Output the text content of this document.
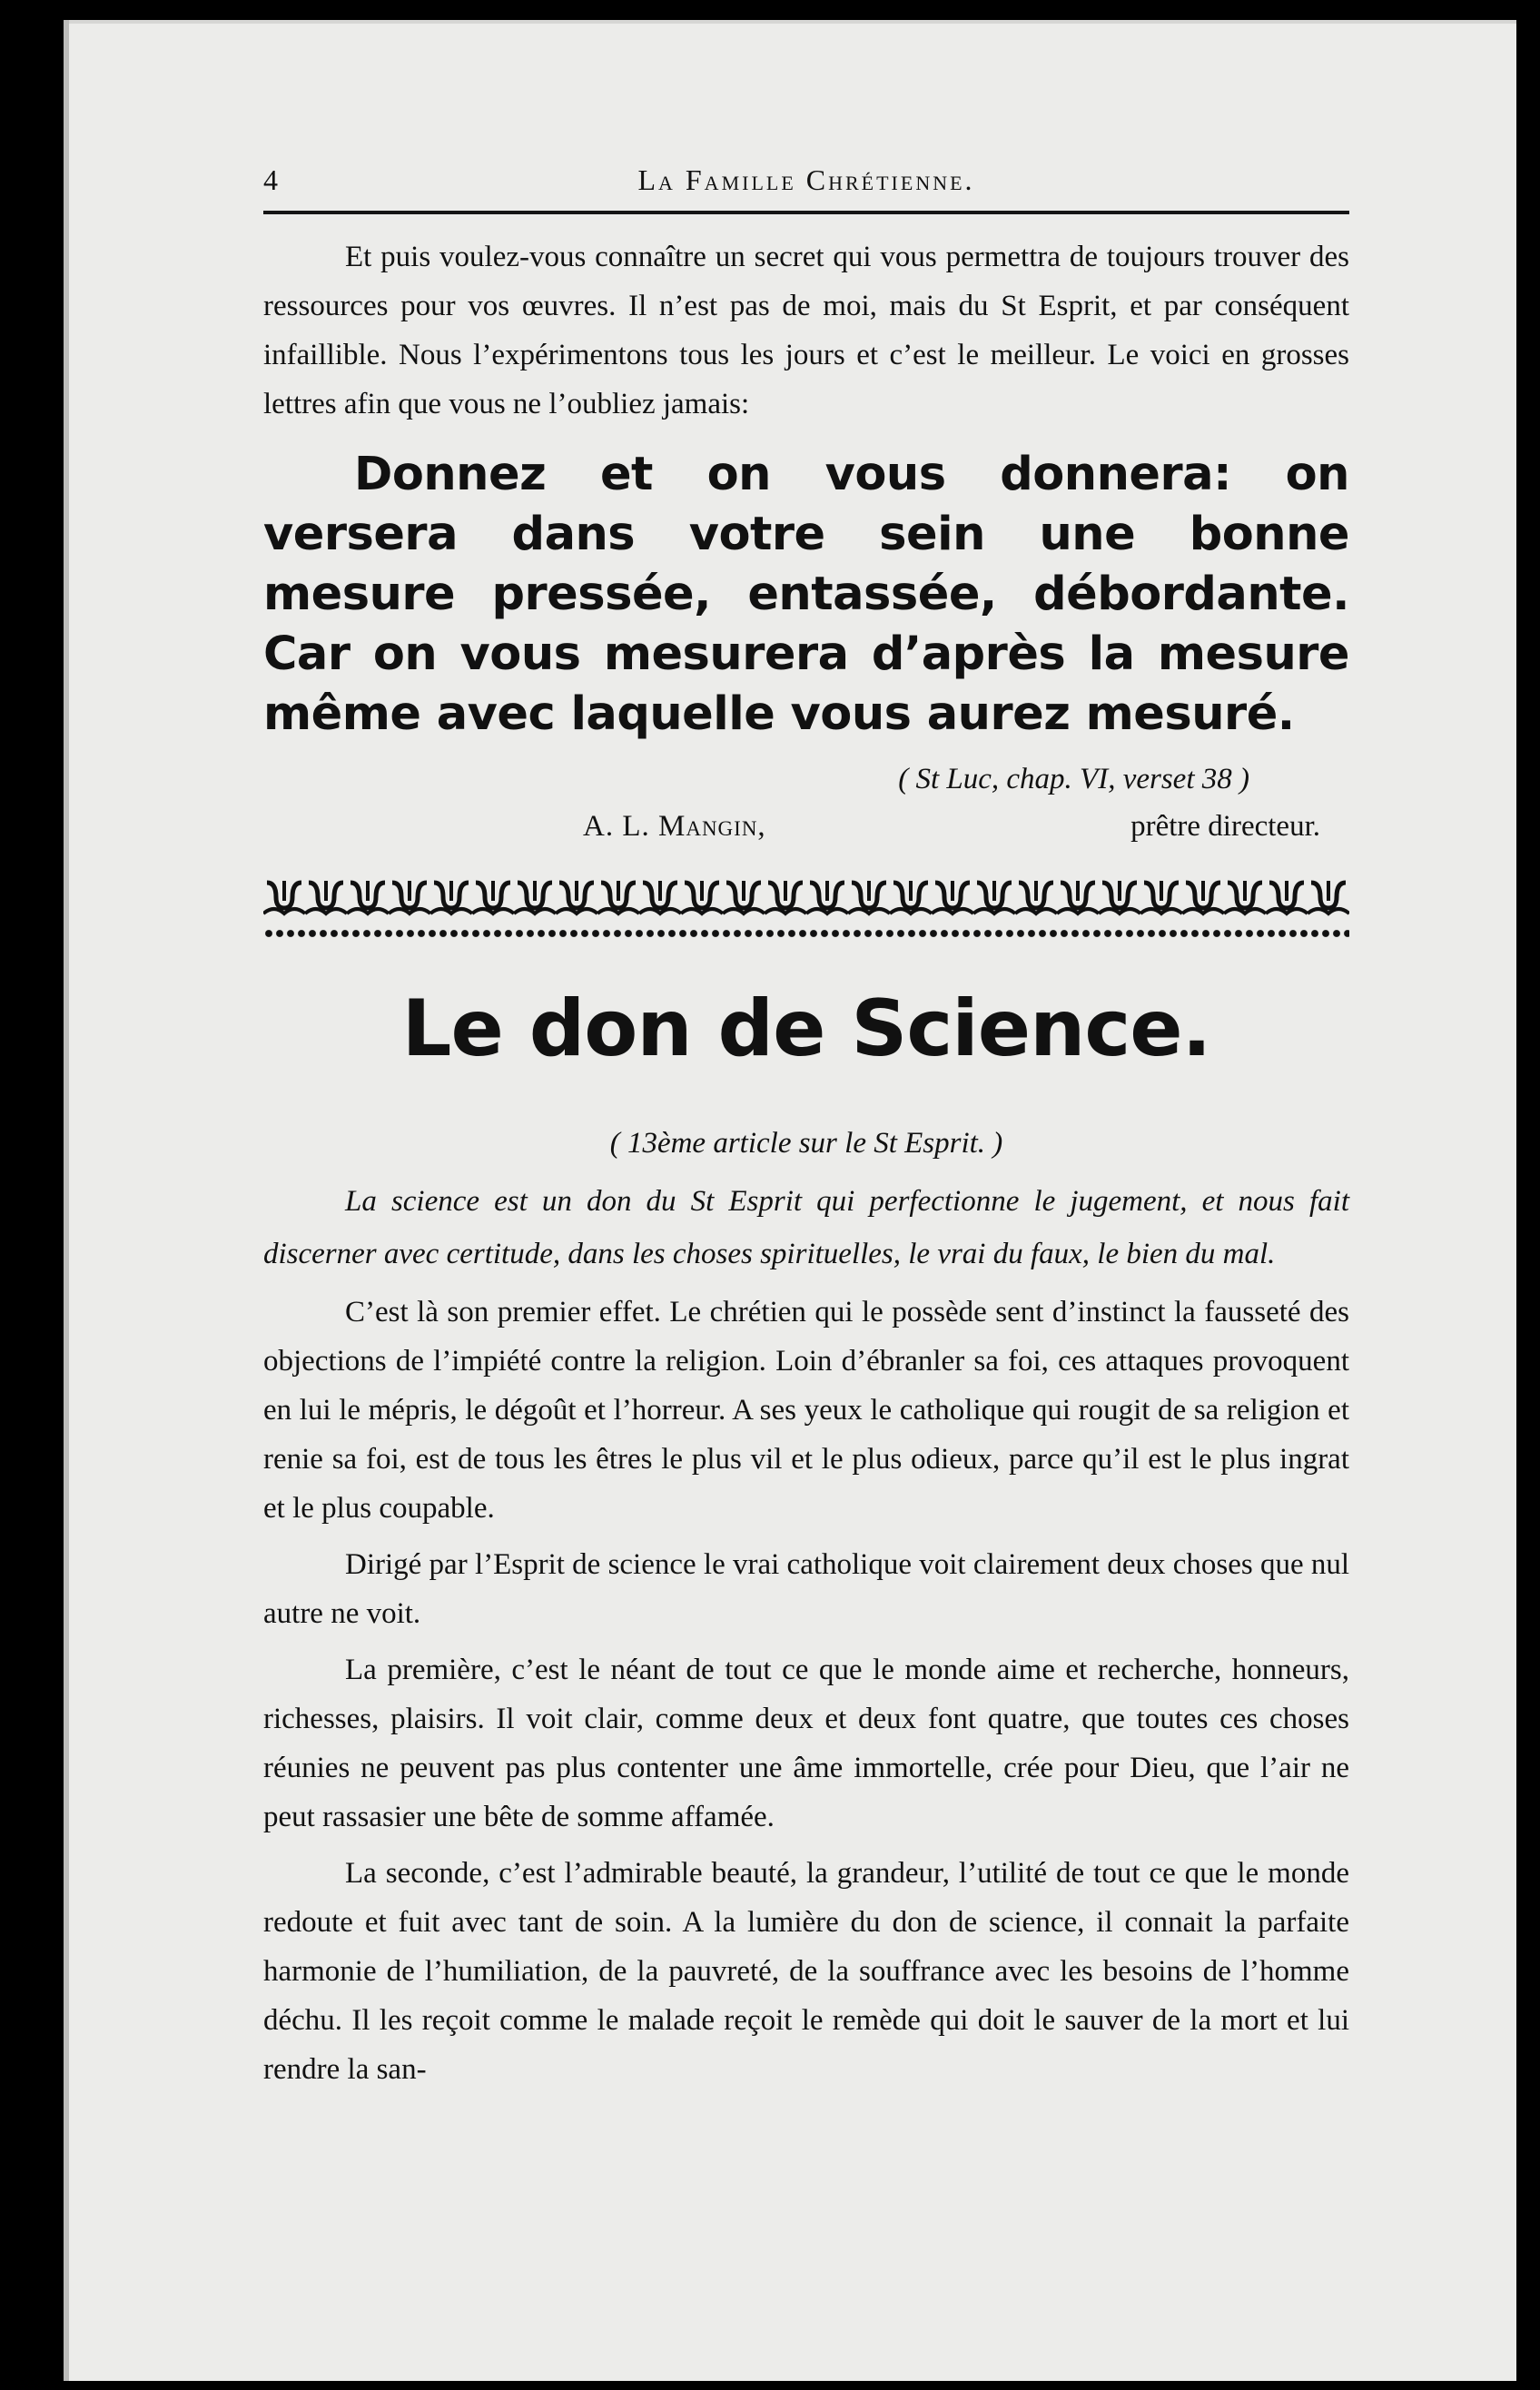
4	La Famille Chrétienne.

Et puis voulez-vous connaître un secret qui vous permettra de toujours trouver des ressources pour vos œuvres. Il n’est pas de moi, mais du St Esprit, et par conséquent infaillible. Nous l’expérimentons tous les jours et c’est le meilleur. Le voici en grosses lettres afin que vous ne l’oubliez jamais:

Donnez et on vous donnera: on versera dans votre sein une bonne mesure pressée, entassée, débordante. Car on vous mesurera d’après la mesure même avec laquelle vous aurez mesuré.

( St Luc, chap. VI, verset 38 )

A. L. Mangin,	prêtre directeur.
Le don de Science.

( 13ème article sur le St Esprit. )

La science est un don du St Esprit qui perfectionne le jugement, et nous fait discerner avec certitude, dans les choses spirituelles, le vrai du faux, le bien du mal.

C’est là son premier effet. Le chrétien qui le possède sent d’instinct la fausseté des objections de l’impiété contre la religion. Loin d’ébranler sa foi, ces attaques provoquent en lui le mépris, le dégoût et l’horreur. A ses yeux le catholique qui rougit de sa religion et renie sa foi, est de tous les êtres le plus vil et le plus odieux, parce qu’il est le plus ingrat et le plus coupable.

Dirigé par l’Esprit de science le vrai catholique voit clairement deux choses que nul autre ne voit.

La première, c’est le néant de tout ce que le monde aime et recherche, honneurs, richesses, plaisirs. Il voit clair, comme deux et deux font quatre, que toutes ces choses réunies ne peuvent pas plus contenter une âme immortelle, crée pour Dieu, que l’air ne peut rassasier une bête de somme affamée.

La seconde, c’est l’admirable beauté, la grandeur, l’utilité de tout ce que le monde redoute et fuit avec tant de soin. A la lumière du don de science, il connait la parfaite harmonie de l’humiliation, de la pauvreté, de la souffrance avec les besoins de l’homme déchu. Il les reçoit comme le malade reçoit le remède qui doit le sauver de la mort et lui rendre la san-
